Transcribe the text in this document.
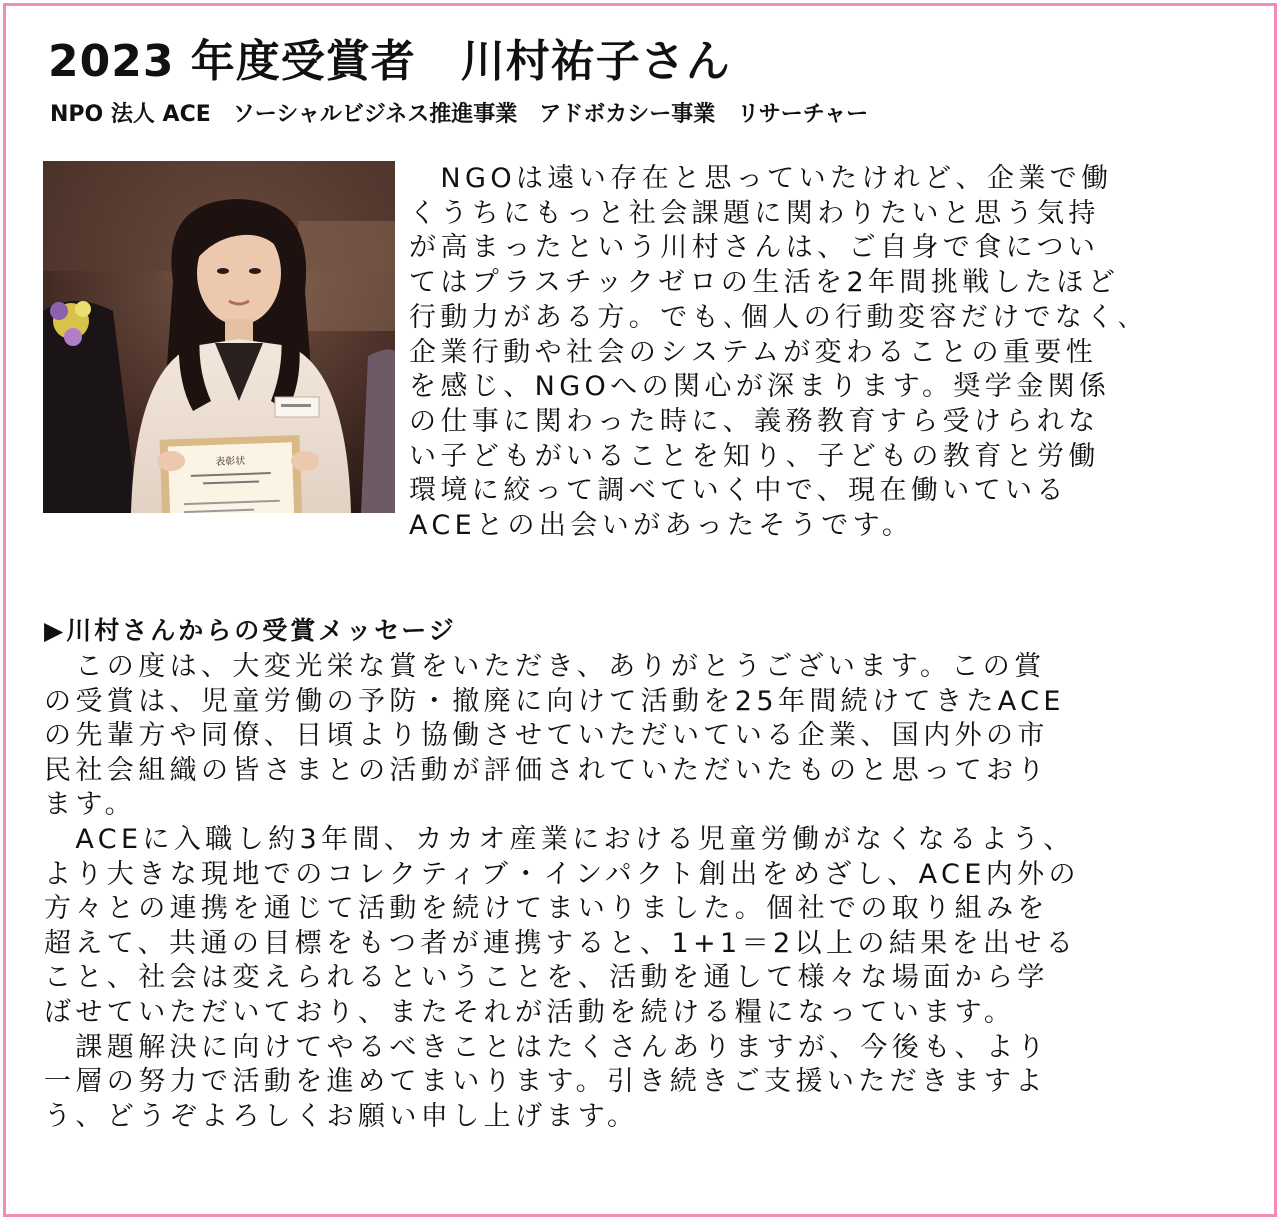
2023 年度受賞者　川村祐子さん
NPO 法人 ACE　ソーシャルビジネス推進事業　アドボカシー事業　リサーチャー
表彰状

　NGOは遠い存在と思っていたけれど、企業で働

くうちにもっと社会課題に関わりたいと思う気持

が高まったという川村さんは、ご自身で食につい

てはプラスチックゼロの生活を2年間挑戦したほど

行動力がある方。でも､個人の行動変容だけでなく､

企業行動や社会のシステムが変わることの重要性

を感じ、NGOへの関心が深まります。奨学金関係

の仕事に関わった時に、義務教育すら受けられな

い子どもがいることを知り、子どもの教育と労働

環境に絞って調べていく中で、現在働いている

ACEとの出会いがあったそうです。

▶川村さんからの受賞メッセージ

　この度は、大変光栄な賞をいただき、ありがとうございます。この賞

の受賞は、児童労働の予防・撤廃に向けて活動を25年間続けてきたACE

の先輩方や同僚、日頃より協働させていただいている企業、国内外の市

民社会組織の皆さまとの活動が評価されていただいたものと思っており

ます。

　ACEに入職し約3年間、カカオ産業における児童労働がなくなるよう、

より大きな現地でのコレクティブ・インパクト創出をめざし、ACE内外の

方々との連携を通じて活動を続けてまいりました。個社での取り組みを

超えて、共通の目標をもつ者が連携すると、1+1＝2以上の結果を出せる

こと、社会は変えられるということを、活動を通して様々な場面から学

ばせていただいており、またそれが活動を続ける糧になっています。

　課題解決に向けてやるべきことはたくさんありますが、今後も、より

一層の努力で活動を進めてまいります。引き続きご支援いただきますよ

う、どうぞよろしくお願い申し上げます。
